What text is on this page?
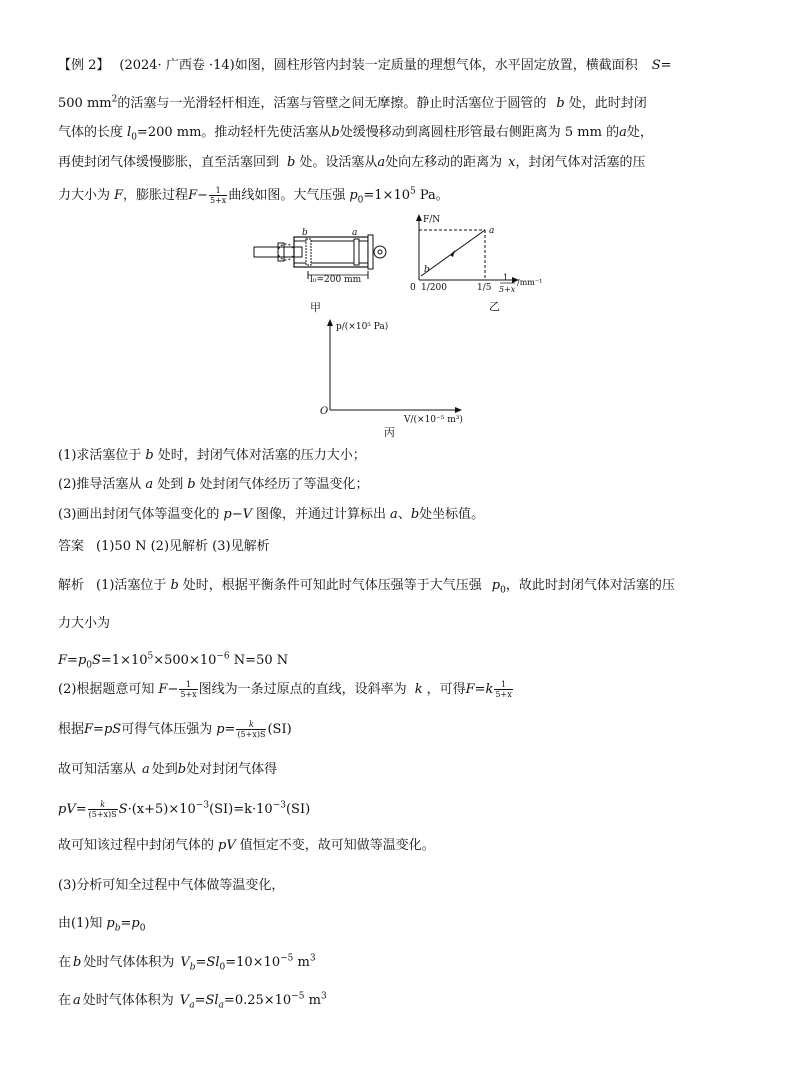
【例 2】 (2024· 广西卷 ·14)如图，圆柱形管内封装一定质量的理想气体，水平固定放置，横截面积 S=
500 $mm^2$的活塞与一光滑轻杆相连，活塞与管壁之间无摩擦。静止时活塞位于圆管的 b 处，此时封闭
气体的长度 $l_0=200$ mm。推动轻杆先使活塞从b处缓慢移动到离圆柱形管最右侧距离为 5 mm 的a处，
再使封闭气体缓慢膨胀，直至活塞回到 b 处。设活塞从a处向左移动的距离为 x，封闭气体对活塞的压
力大小为 F，膨胀过程$F- \frac{1}{5+x}$ 曲线如图。大气压强 $p_0=1\times 10^5$ Pa。
b	a
l₀=200 mm
甲
F/N
a
b
0 1/200	1/5
1
5+x
/mm⁻¹
乙
p/(×10⁵ Pa)
O
V/(×10⁻⁵ m³)
丙
(1)求活塞位于 b 处时，封闭气体对活塞的压力大小；
(2)推导活塞从 a 处到 b 处封闭气体经历了等温变化；
(3)画出封闭气体等温变化的 p−V 图像，并通过计算标出 a、b处坐标值。
答案 (1)50 N (2)见解析 (3)见解析
解析 (1)活塞位于 b 处时，根据平衡条件可知此时气体压强等于大气压强 $p_0$，故此时封闭气体对活塞的压
力大小为
$F=p_0S=1\times 10^5\times 500\times 10^{-6}$ N=50 N
(2)根据题意可知 $F- \frac{1}{5+x}$ 图线为一条过原点的直线，设斜率为 k ，可得$F=k \frac{1}{5+x}$
根据F=pS可得气体压强为 $p= \frac{k}{(5+x)S} (SI)$
故可知活塞从 a 处到b处对封闭气体得
$pV= \frac{k}{(5+x)S} S\cdot(x+5)\times 10^{-3}(SI)=k\cdot 10^{-3}(SI)$
故可知该过程中封闭气体的 pV 值恒定不变，故可知做等温变化。
(3)分析可知全过程中气体做等温变化，
由(1)知 $p_b=p_0$
在 b 处时气体体积为 $V_b=Sl_0=10\times 10^{-5}$ $m^3$
在 a 处时气体体积为 $V_a=Sl_a=0.25\times 10^{-5}$ $m^3$
